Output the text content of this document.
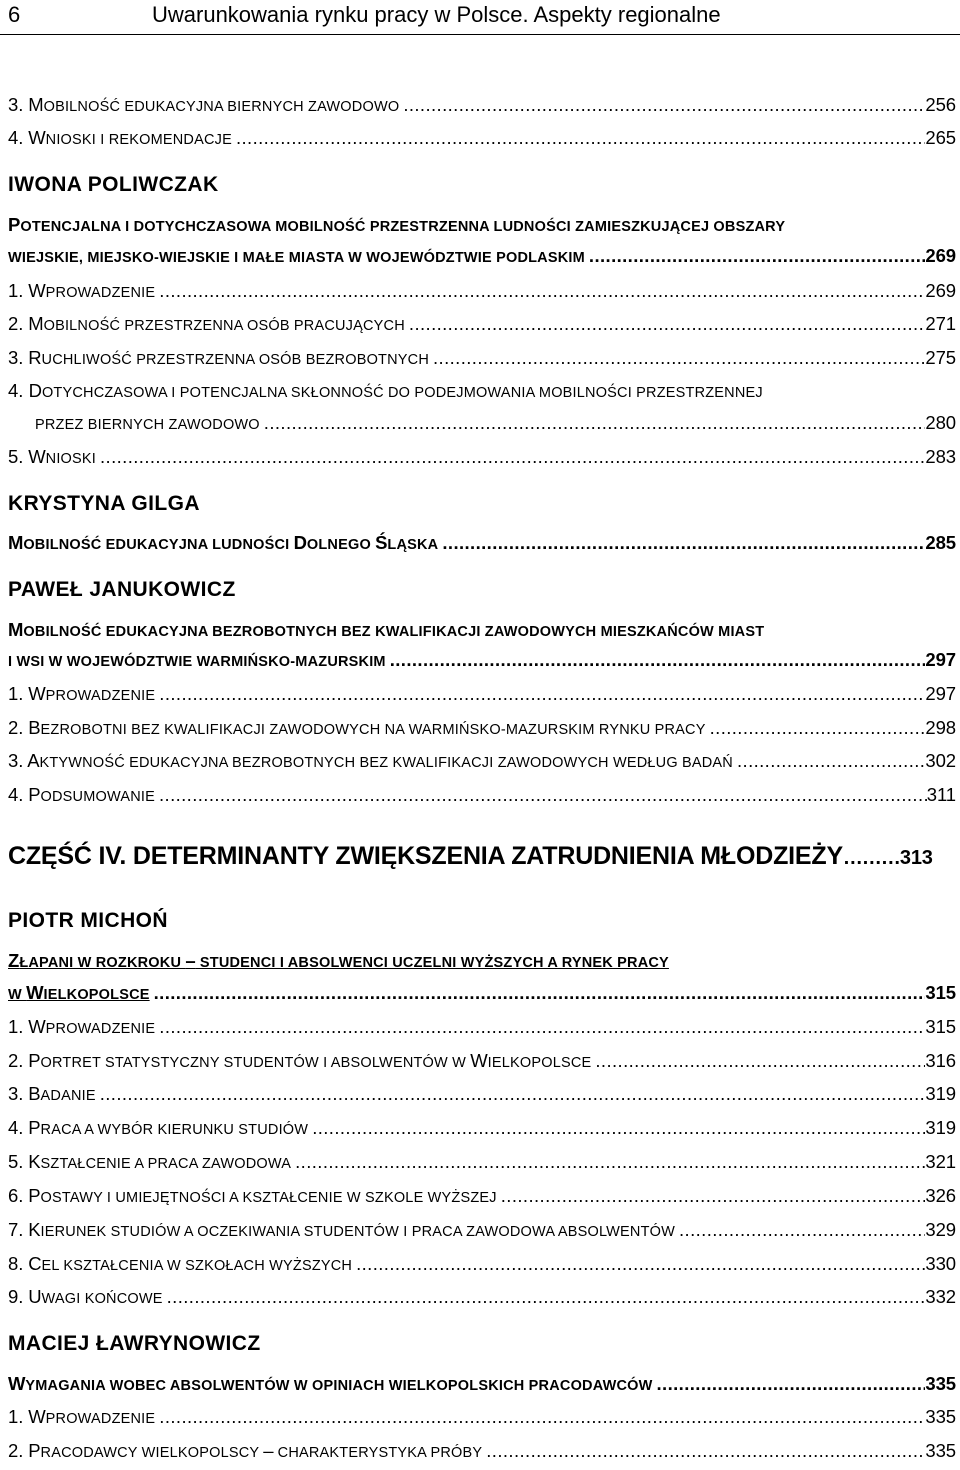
6	Uwarunkowania rynku pracy w Polsce. Aspekty regionalne
3. MOBILNOŚĆ EDUKACYJNA BIERNYCH ZAWODOWO .....	256
4. WNIOSKI I REKOMENDACJE .....	265
IWONA POLIWCZAK
POTENCJALNA I DOTYCHCZASOWA MOBILNOŚĆ PRZESTRZENNA LUDNOŚCI ZAMIESZKUJĄCEJ OBSZARY
WIEJSKIE, MIEJSKO-WIEJSKIE I MAŁE MIASTA W WOJEWÓDZTWIE PODLASKIM .....	269
1. WPROWADZENIE .....	269
2. MOBILNOŚĆ PRZESTRZENNA OSÓB PRACUJĄCYCH .....	271
3. RUCHLIWOŚĆ PRZESTRZENNA OSÓB BEZROBOTNYCH .....	275
4. DOTYCHCZASOWA I POTENCJALNA SKŁONNOŚĆ DO PODEJMOWANIA MOBILNOŚCI PRZESTRZENNEJ
PRZEZ BIERNYCH ZAWODOWO .....	280
5. WNIOSKI .....	283
KRYSTYNA GILGA
MOBILNOŚĆ EDUKACYJNA LUDNOŚCI DOLNEGO ŚLĄSKA .....	285
PAWEŁ JANUKOWICZ
MOBILNOŚĆ EDUKACYJNA BEZROBOTNYCH BEZ KWALIFIKACJI ZAWODOWYCH MIESZKAŃCÓW MIAST
I WSI W WOJEWÓDZTWIE WARMIŃSKO-MAZURSKIM .....	297
1. WPROWADZENIE .....	297
2. BEZROBOTNI BEZ KWALIFIKACJI ZAWODOWYCH NA WARMIŃSKO-MAZURSKIM RYNKU PRACY .....	298
3. AKTYWNOŚĆ EDUKACYJNA BEZROBOTNYCH BEZ KWALIFIKACJI ZAWODOWYCH WEDŁUG BADAŃ .....	302
4. PODSUMOWANIE .....	311
CZĘŚĆ IV. DETERMINANTY ZWIĘKSZENIA ZATRUDNIENIA MŁODZIEŻY………313
PIOTR MICHOŃ
ZŁAPANI W ROZKROKU – STUDENCI I ABSOLWENCI UCZELNI WYŻSZYCH A RYNEK PRACY
W WIELKOPOLSCE .....	315
1. WPROWADZENIE .....	315
2. PORTRET STATYSTYCZNY STUDENTÓW I ABSOLWENTÓW W WIELKOPOLSCE .....	316
3. BADANIE .....	319
4. PRACA A WYBÓR KIERUNKU STUDIÓW .....	319
5. KSZTAŁCENIE A PRACA ZAWODOWA .....	321
6. POSTAWY I UMIEJĘTNOŚCI A KSZTAŁCENIE W SZKOLE WYŻSZEJ .....	326
7. KIERUNEK STUDIÓW A OCZEKIWANIA STUDENTÓW I PRACA ZAWODOWA ABSOLWENTÓW .....	329
8. CEL KSZTAŁCENIA W SZKOŁACH WYŻSZYCH .....	330
9. UWAGI KOŃCOWE .....	332
MACIEJ ŁAWRYNOWICZ
WYMAGANIA WOBEC ABSOLWENTÓW W OPINIACH WIELKOPOLSKICH PRACODAWCÓW .....	335
1. WPROWADZENIE .....	335
2. PRACODAWCY WIELKOPOLSCY – CHARAKTERYSTYKA PRÓBY .....	335
